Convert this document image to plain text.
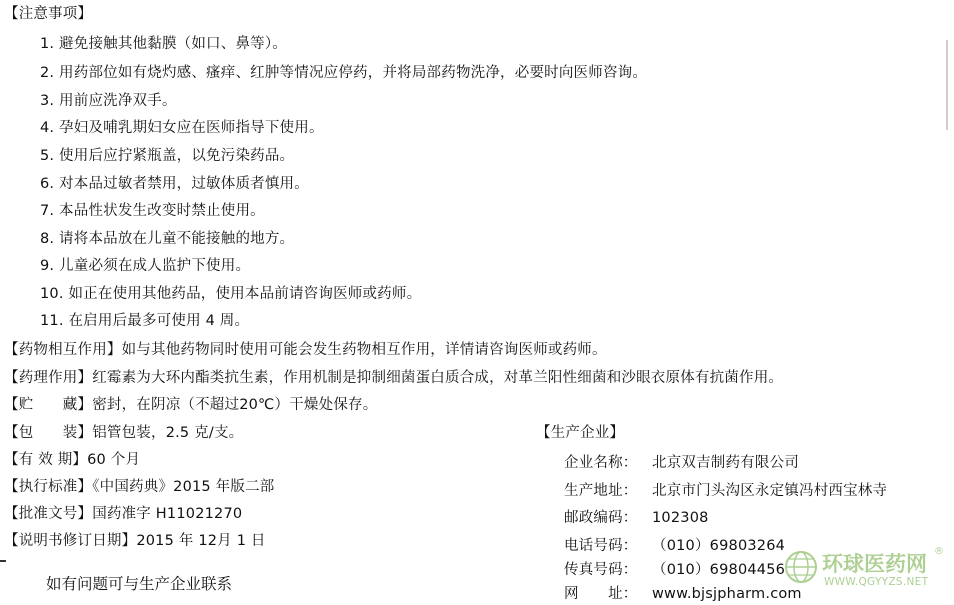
【注意事项】
1. 避免接触其他黏膜（如口、鼻等）。
2. 用药部位如有烧灼感、瘙痒、红肿等情况应停药，并将局部药物洗净，必要时向医师咨询。
3. 用前应洗净双手。
4. 孕妇及哺乳期妇女应在医师指导下使用。
5. 使用后应拧紧瓶盖，以免污染药品。
6. 对本品过敏者禁用，过敏体质者慎用。
7. 本品性状发生改变时禁止使用。
8. 请将本品放在儿童不能接触的地方。
9. 儿童必须在成人监护下使用。
10. 如正在使用其他药品，使用本品前请咨询医师或药师。
11. 在启用后最多可使用 4 周。
【药物相互作用】如与其他药物同时使用可能会发生药物相互作用，详情请咨询医师或药师。
【药理作用】红霉素为大环内酯类抗生素，作用机制是抑制细菌蛋白质合成，对革兰阳性细菌和沙眼衣原体有抗菌作用。
【贮　　藏】密封，在阴凉（不超过20℃）干燥处保存。
【包　　装】铝管包装，2.5 克/支。
【有 效 期】60 个月
【执行标准】《中国药典》2015 年版二部
【批准文号】国药准字 H11021270
【说明书修订日期】2015 年 12月 1 日
【生产企业】
企业名称： 北京双吉制药有限公司
生产地址： 北京市门头沟区永定镇冯村西宝林寺
邮政编码： 102308
电话号码： （010）69803264
传真号码： （010）69804456
网　　址： www.bjsjpharm.com
如有问题可与生产企业联系
环球医药网
®
WWW.QGYYZS.NET
